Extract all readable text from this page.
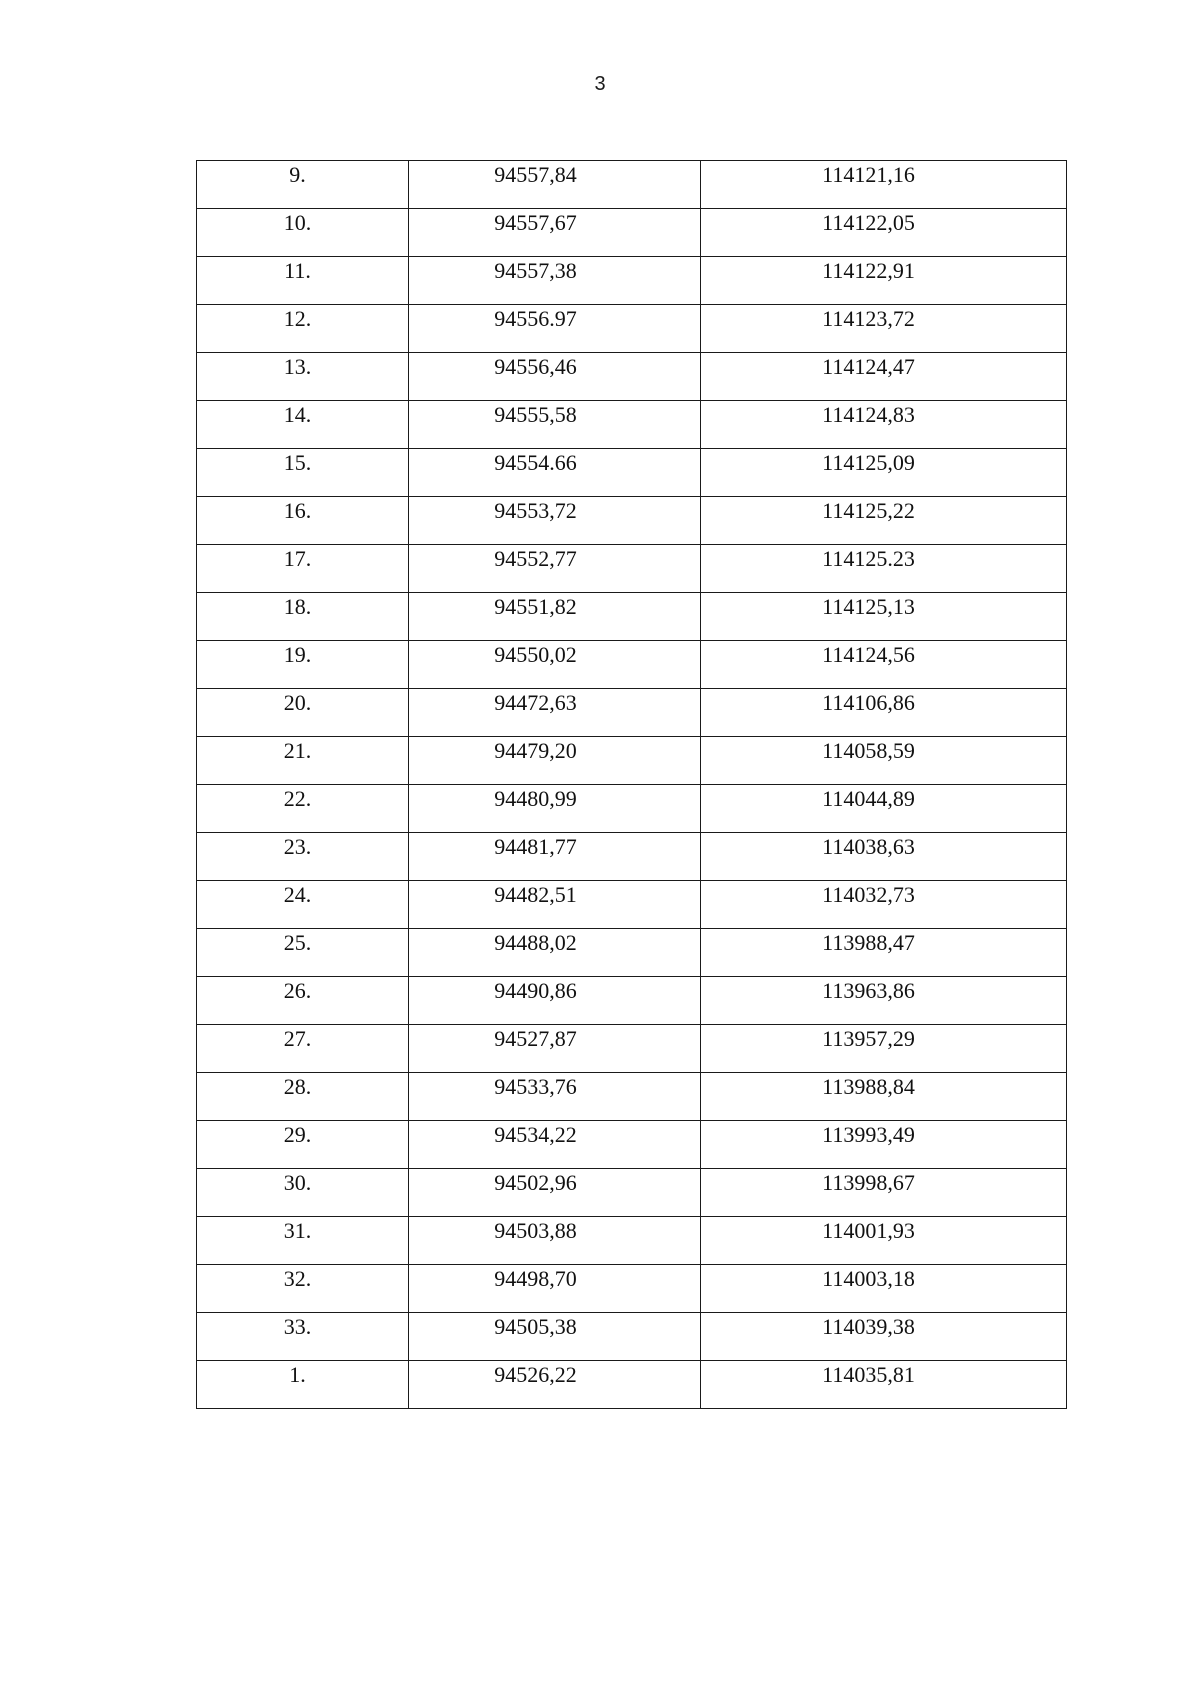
3
9.	94557,84	114121,16
10.	94557,67	114122,05
11.	94557,38	114122,91
12.	94556.97	114123,72
13.	94556,46	114124,47
14.	94555,58	114124,83
15.	94554.66	114125,09
16.	94553,72	114125,22
17.	94552,77	114125.23
18.	94551,82	114125,13
19.	94550,02	114124,56
20.	94472,63	114106,86
21.	94479,20	114058,59
22.	94480,99	114044,89
23.	94481,77	114038,63
24.	94482,51	114032,73
25.	94488,02	113988,47
26.	94490,86	113963,86
27.	94527,87	113957,29
28.	94533,76	113988,84
29.	94534,22	113993,49
30.	94502,96	113998,67
31.	94503,88	114001,93
32.	94498,70	114003,18
33.	94505,38	114039,38
1.	94526,22	114035,81
